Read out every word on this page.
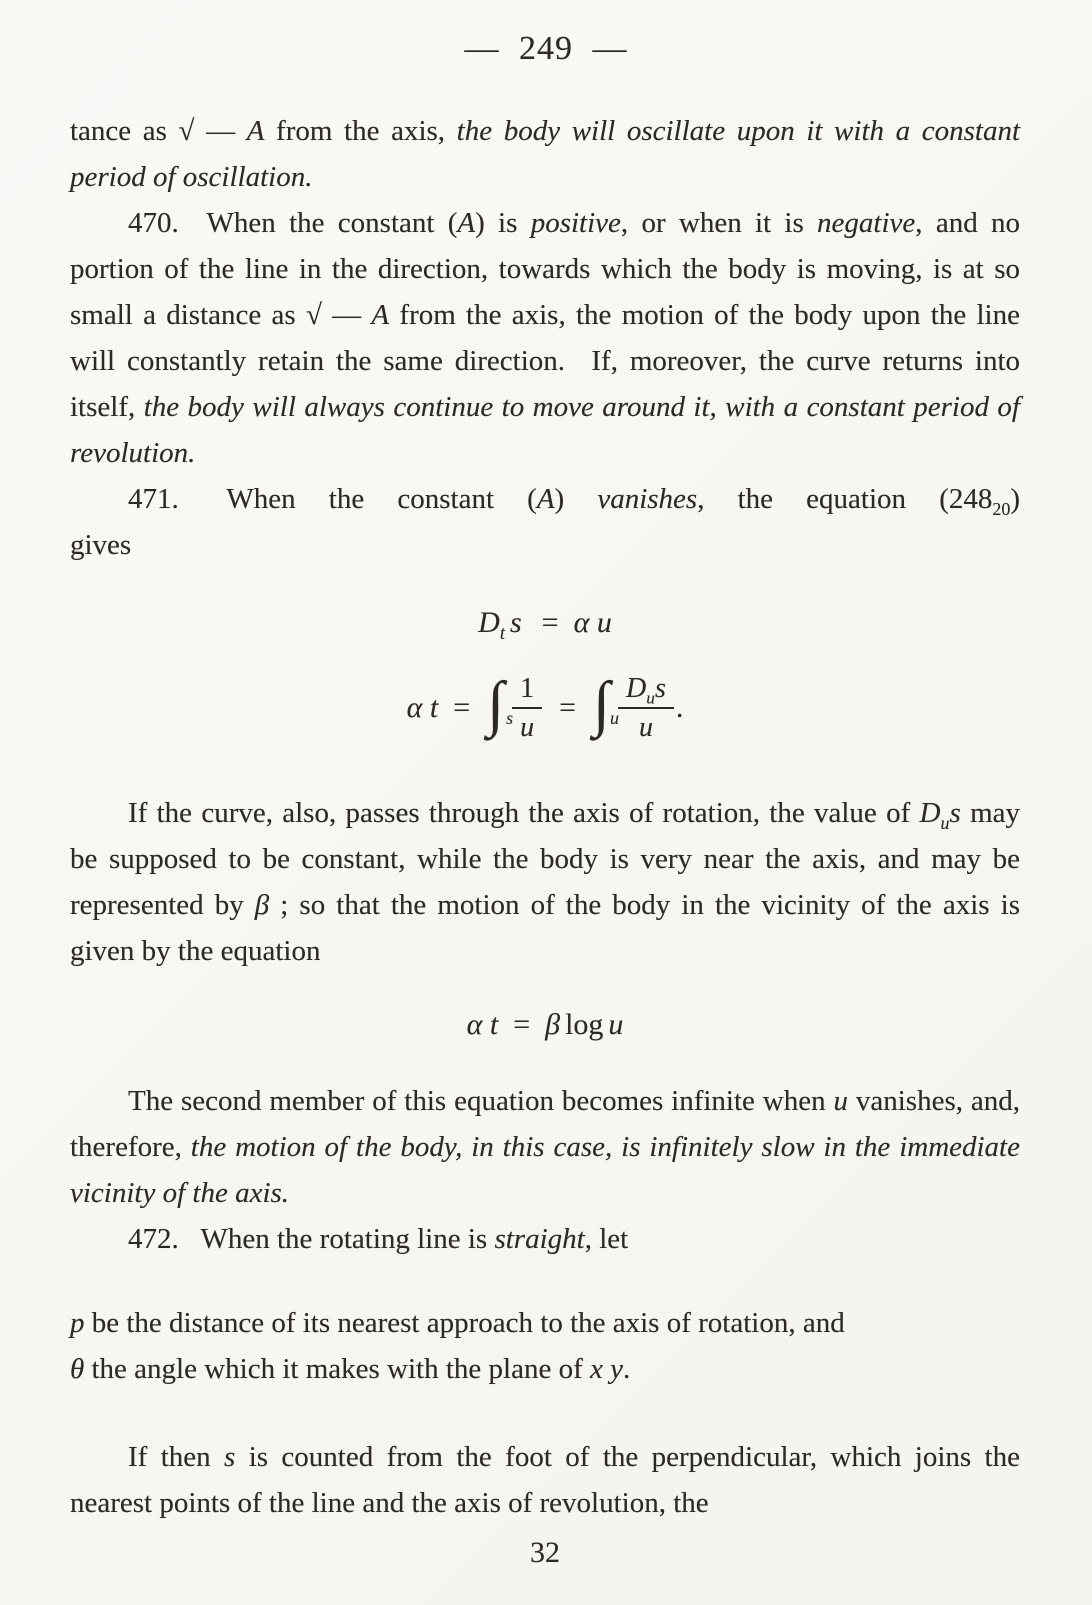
— 249 —

tance as √ — A from the axis, the body will oscillate upon it with a constant period of oscillation.

470.  When the constant (A) is positive, or when it is negative, and no portion of the line in the direction, towards which the body is moving, is at so small a distance as √ — A from the axis, the motion of the body upon the line will constantly retain the same direction.  If, moreover, the curve returns into itself, the body will always continue to move around it, with a constant period of revolution.

471.  When the constant (A) vanishes, the equation $(248_{20})$
gives
$D_t$ s = α u
α t = ∫ s $\frac{1}{u}$ = ∫ u $\frac{D_us}{u}$ .

If the curve, also, passes through the axis of rotation, the value of $D_us$ may be supposed to be constant, while the body is very near the axis, and may be represented by β ; so that the motion of the body in the vicinity of the axis is given by the equation

α t = β log u

The second member of this equation becomes infinite when u vanishes, and, therefore, the motion of the body, in this case, is infinitely slow in the immediate vicinity of the axis.

472.  When the rotating line is straight, let

p be the distance of its nearest approach to the axis of rotation, and
θ the angle which it makes with the plane of x y.

If then s is counted from the foot of the perpendicular, which joins the nearest points of the line and the axis of revolution, the

32
